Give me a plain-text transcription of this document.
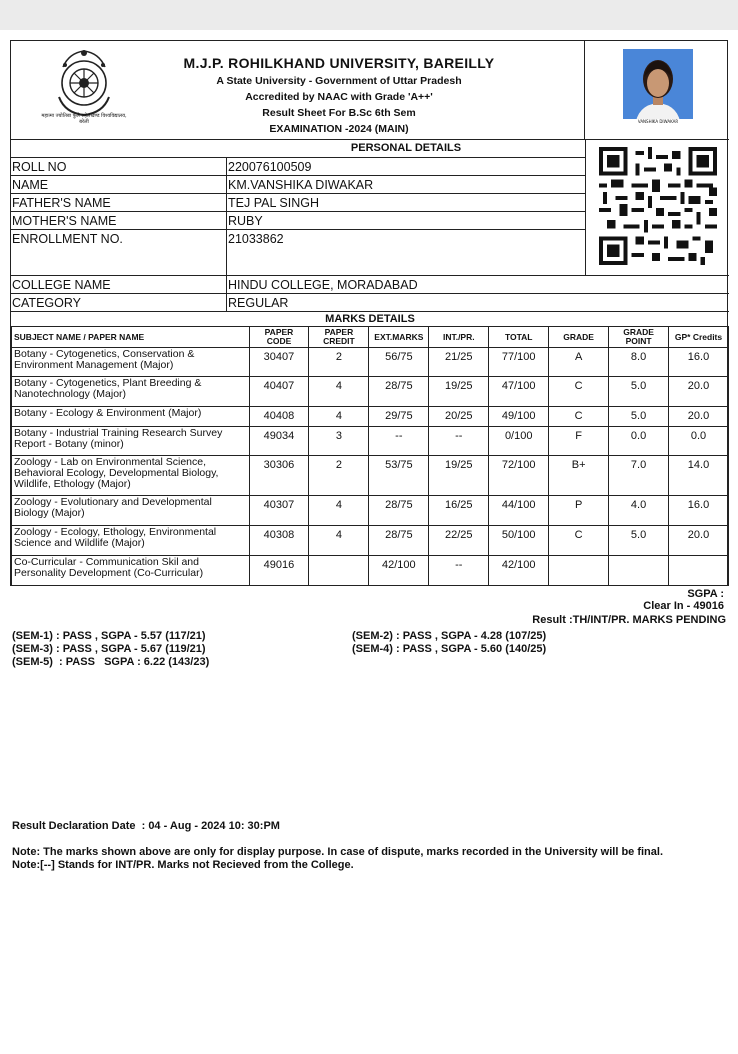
महात्मा ज्योतिबा फुले रुहेलखण्ड विश्वविद्यालय, बरेली
M.J.P. ROHILKHAND UNIVERSITY, BAREILLY
A State University - Government of Uttar Pradesh
Accredited by NAAC with Grade 'A++'
Result Sheet For B.Sc 6th Sem
EXAMINATION -2024 (MAIN)
VANSHIKA DIWAKAR
PERSONAL DETAILS
ROLL NO	220076100509
NAME	KM.VANSHIKA DIWAKAR
FATHER'S NAME	TEJ PAL SINGH
MOTHER'S NAME	RUBY
ENROLLMENT NO.	21033862
COLLEGE NAME	HINDU COLLEGE, MORADABAD
CATEGORY	REGULAR
MARKS DETAILS
SUBJECT NAME / PAPER NAME	PAPER CODE	PAPER CREDIT	EXT.MARKS	INT./PR.	TOTAL	GRADE	GRADE POINT	GP* Credits
Botany - Cytogenetics, Conservation & Environment Management (Major)	30407	2	56/75	21/25	77/100	A	8.0	16.0
Botany - Cytogenetics, Plant Breeding & Nanotechnology (Major)	40407	4	28/75	19/25	47/100	C	5.0	20.0
Botany - Ecology & Environment (Major)	40408	4	29/75	20/25	49/100	C	5.0	20.0
Botany - Industrial Training Research Survey Report - Botany (minor)	49034	3	--	--	0/100	F	0.0	0.0
Zoology - Lab on Environmental Science, Behavioral Ecology, Developmental Biology, Wildlife, Ethology (Major)	30306	2	53/75	19/25	72/100	B+	7.0	14.0
Zoology - Evolutionary and Developmental Biology (Major)	40307	4	28/75	16/25	44/100	P	4.0	16.0
Zoology - Ecology, Ethology, Environmental Science and Wildlife (Major)	40308	4	28/75	22/25	50/100	C	5.0	20.0
Co-Curricular - Communication Skil and Personality Development (Co-Curricular)	49016		42/100	--	42/100			
SGPA :
Clear In - 49016
Result :TH/INT/PR. MARKS PENDING
(SEM-1) : PASS , SGPA - 5.57 (117/21)	(SEM-2) : PASS , SGPA - 4.28 (107/25)
(SEM-3) : PASS , SGPA - 5.67 (119/21)	(SEM-4) : PASS , SGPA - 5.60 (140/25)
(SEM-5)  : PASS   SGPA : 6.22 (143/23)
Result Declaration Date  : 04 - Aug - 2024 10: 30:PM
Note: The marks shown above are only for display purpose. In case of dispute, marks recorded in the University will be final.
Note:[--] Stands for INT/PR. Marks not Recieved from the College.
